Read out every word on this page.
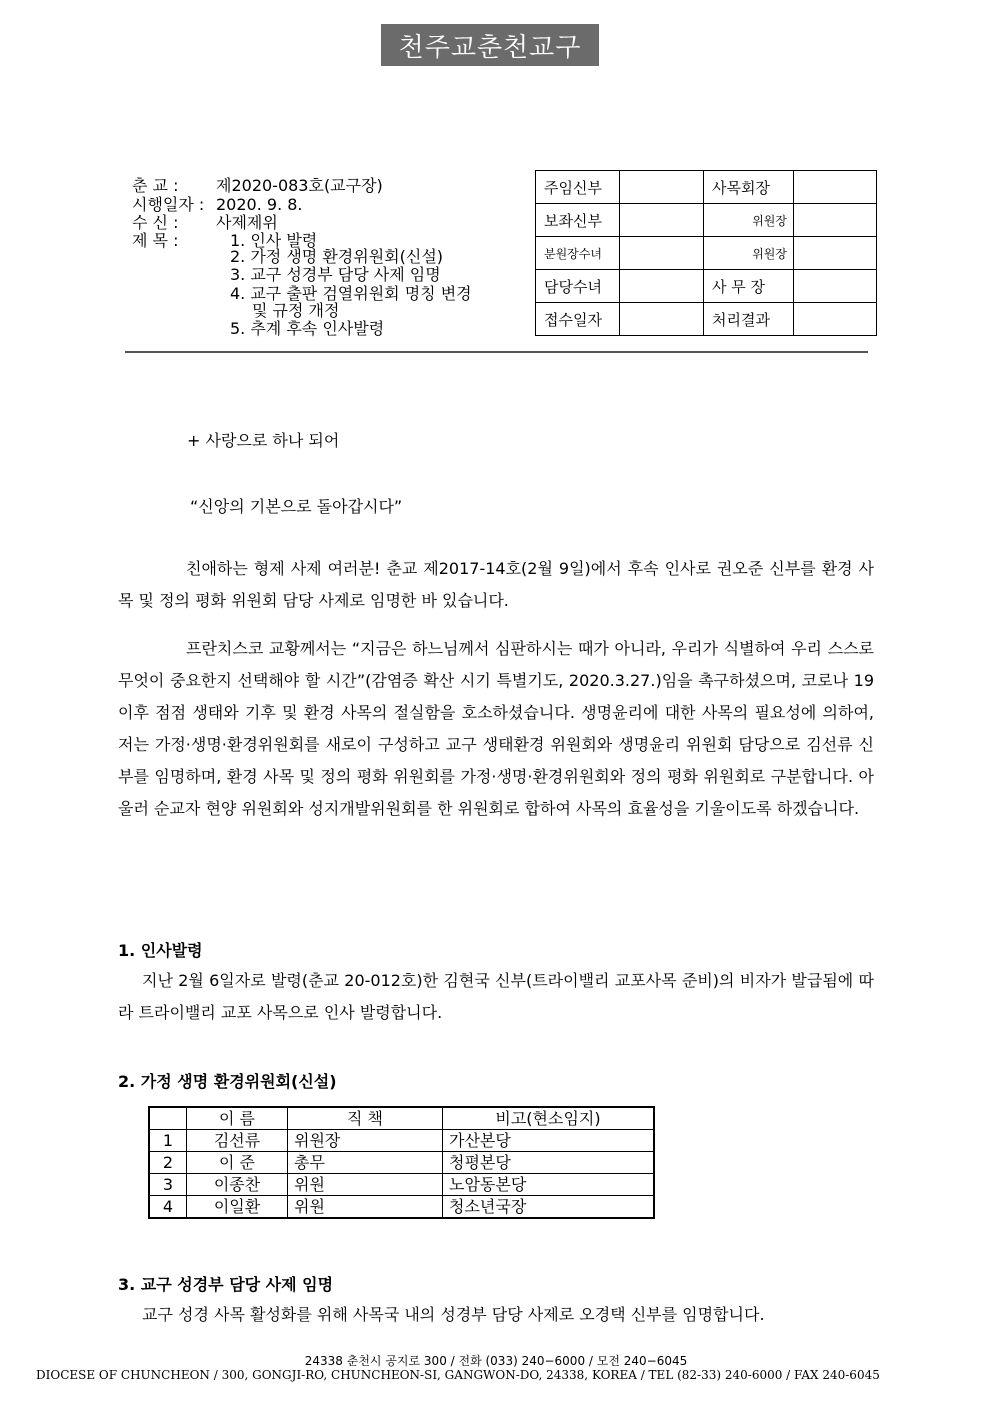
천주교춘천교구
춘 교 : 제2020-083호(교구장)
시행일자 : 2020. 9. 8.
수 신 : 사제제위
제 목 :	1. 인사 발령
2. 가정 생명 환경위원회(신설)
3. 교구 성경부 담당 사제 임명
4. 교구 출판 검열위원회 명칭 변경
및 규정 개정
5. 추계 후속 인사발령
주임신부		사목회장	
보좌신부		위원장	
분원장수녀		위원장	
담당수녀		사 무 장	
접수일자		처리결과	
+ 사랑으로 하나 되어
“신앙의 기본으로 돌아갑시다”
친애하는 형제 사제 여러분! 춘교 제2017-14호(2월 9일)에서 후속 인사로 권오준 신부를 환경 사목 및 정의 평화 위원회 담당 사제로 임명한 바 있습니다.
프란치스코 교황께서는 “지금은 하느님께서 심판하시는 때가 아니라, 우리가 식별하여 우리 스스로 무엇이 중요한지 선택해야 할 시간”(감염증 확산 시기 특별기도, 2020.3.27.)임을 촉구하셨으며, 코로나 19 이후 점점 생태와 기후 및 환경 사목의 절실함을 호소하셨습니다. 생명윤리에 대한 사목의 필요성에 의하여, 저는 가정·생명·환경위원회를 새로이 구성하고 교구 생태환경 위원회와 생명윤리 위원회 담당으로 김선류 신부를 임명하며, 환경 사목 및 정의 평화 위원회를 가정·생명·환경위원회와 정의 평화 위원회로 구분합니다. 아울러 순교자 현양 위원회와 성지개발위원회를 한 위원회로 합하여 사목의 효율성을 기울이도록 하겠습니다.
1. 인사발령
지난 2월 6일자로 발령(춘교 20-012호)한 김현국 신부(트라이밸리 교포사목 준비)의 비자가 발급됨에 따라 트라이밸리 교포 사목으로 인사 발령합니다.
2. 가정 생명 환경위원회(신설)
	이 름	직 책	비고(현소임지)
1	김선류	위원장	가산본당
2	이 준	총무	청평본당
3	이종찬	위원	노암동본당
4	이일환	위원	청소년국장
3. 교구 성경부 담당 사제 임명
교구 성경 사목 활성화를 위해 사목국 내의 성경부 담당 사제로 오경택 신부를 임명합니다.
24338 춘천시 공지로 300 / 전화 (033) 240−6000 / 모전 240−6045
DIOCESE OF CHUNCHEON / 300, GONGJI-RO, CHUNCHEON-SI, GANGWON-DO, 24338, KOREA / TEL (82-33) 240-6000 / FAX 240-6045
